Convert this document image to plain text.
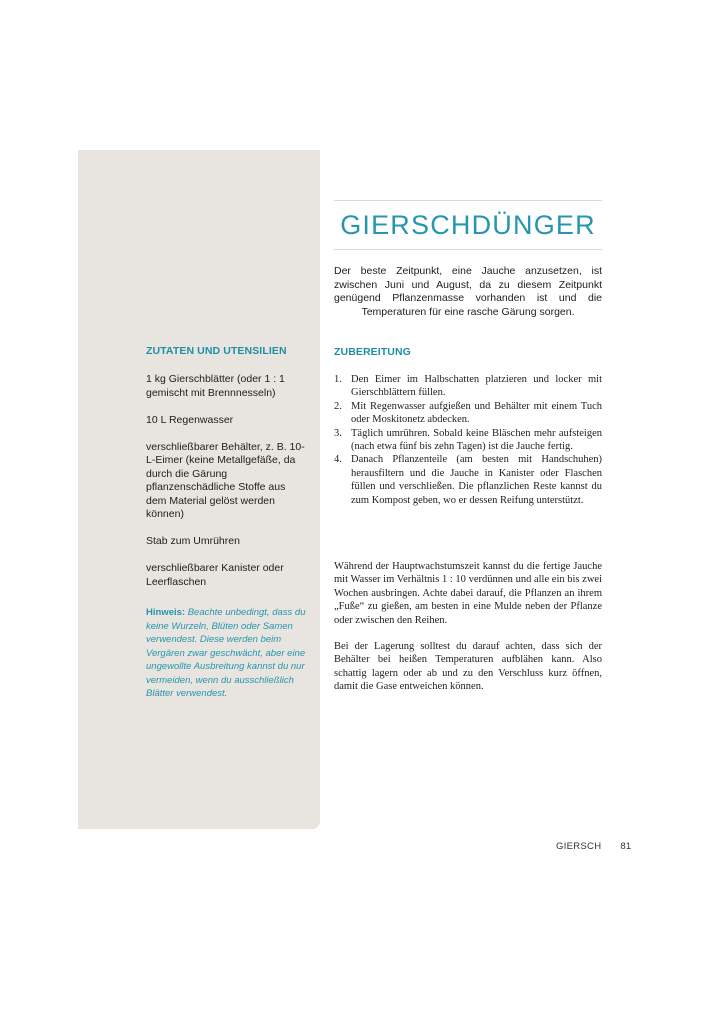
ZUTATEN UND UTENSILIEN

1 kg Gierschblätter (oder 1 : 1 gemischt mit Brennnesseln)

10 L Regenwasser

verschließbarer Behälter, z. B. 10-L-Eimer (keine Metallgefäße, da durch die Gärung pflanzenschädliche Stoffe aus dem Material gelöst werden können)

Stab zum Umrühren

verschließbarer Kanister oder Leerflaschen

Hinweis: Beachte unbedingt, dass du keine Wurzeln, Blüten oder Samen verwendest. Diese werden beim Vergären zwar geschwächt, aber eine ungewollte Ausbreitung kannst du nur vermeiden, wenn du ausschließlich Blätter verwendest.

GIERSCHDÜNGER

Der beste Zeitpunkt, eine Jauche anzusetzen, ist zwischen Juni und August, da zu diesem Zeitpunkt genügend Pflanzenmasse vorhanden ist und die Temperaturen für eine rasche Gärung sorgen.

ZUBEREITUNG
1. Den Eimer im Halbschatten platzieren und locker mit Gierschblättern füllen.
2. Mit Regenwasser aufgießen und Behälter mit einem Tuch oder Moskitonetz abdecken.
3. Täglich umrühren. Sobald keine Bläschen mehr aufsteigen (nach etwa fünf bis zehn Tagen) ist die Jauche fertig.
4. Danach Pflanzenteile (am besten mit Handschuhen) herausfiltern und die Jauche in Kanister oder Flaschen füllen und verschließen. Die pflanzlichen Reste kannst du zum Kompost geben, wo er dessen Reifung unterstützt.

Während der Hauptwachstumszeit kannst du die fertige Jauche mit Wasser im Verhältnis 1 : 10 verdünnen und alle ein bis zwei Wochen ausbringen. Achte dabei darauf, die Pflanzen an ihrem „Fuße“ zu gießen, am besten in eine Mulde neben der Pflanze oder zwischen den Reihen.

Bei der Lagerung solltest du darauf achten, dass sich der Behälter bei heißen Temperaturen aufblähen kann. Also schattig lagern oder ab und zu den Verschluss kurz öffnen, damit die Gase entweichen können.

GIERSCH 81
